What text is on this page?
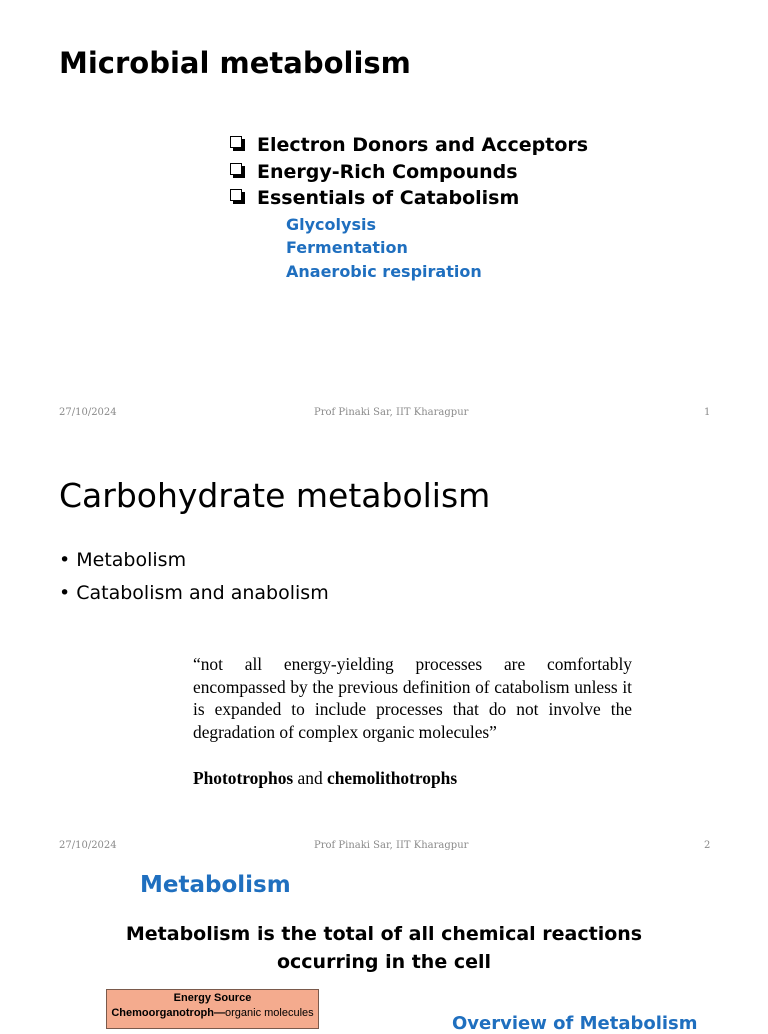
Microbial metabolism
Electron Donors and Acceptors
Energy-Rich Compounds
Essentials of Catabolism
Glycolysis
Fermentation
Anaerobic respiration
27/10/2024	Prof Pinaki Sar, IIT Kharagpur	1
Carbohydrate metabolism
• Metabolism
• Catabolism and anabolism
“not all energy-yielding processes are comfortably encompassed by the previous definition of catabolism unless it is expanded to include processes that do not involve the degradation of complex organic molecules”
Phototrophos and chemolithotrophs
27/10/2024	Prof Pinaki Sar, IIT Kharagpur	2
Metabolism
Metabolism is the total of all chemical reactions occurring in the cell
Energy Source
Chemoorganotroph—organic molecules	Overview of Metabolism
